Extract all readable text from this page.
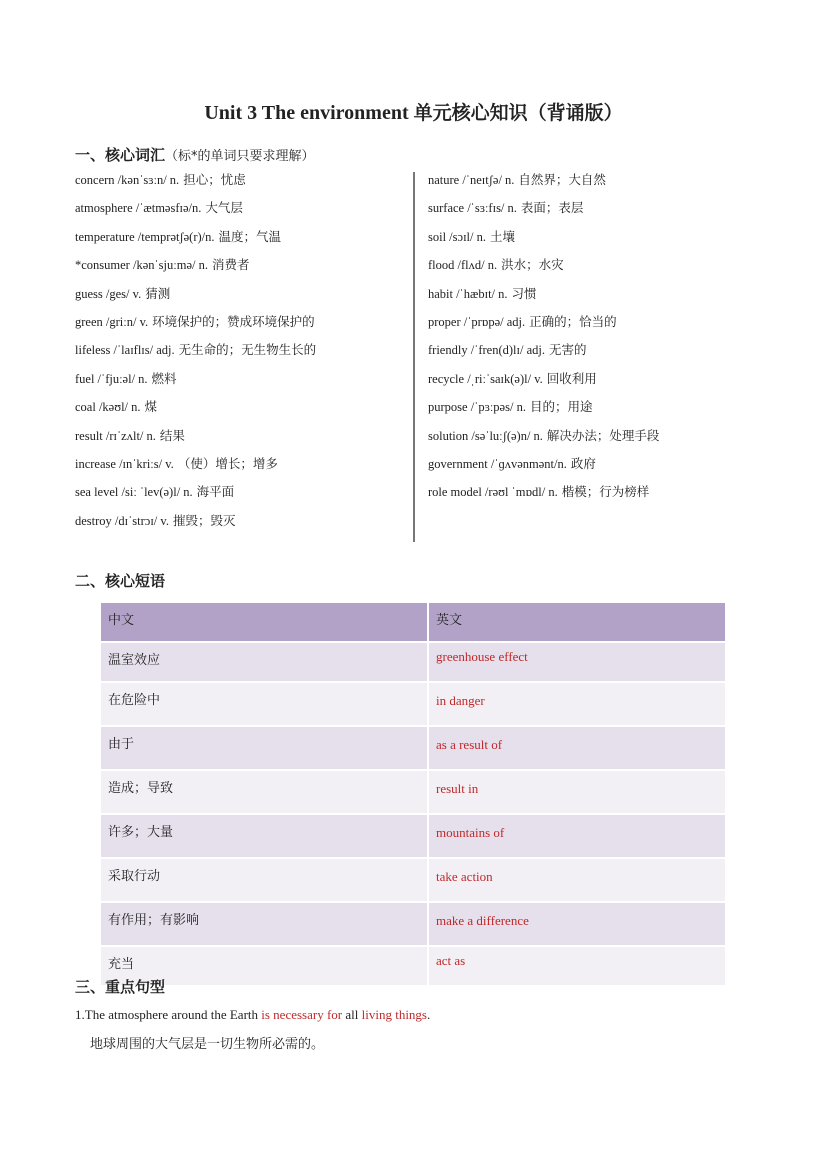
Unit 3 The environment 单元核心知识（背诵版）
一、核心词汇（标*的单词只要求理解）
concern /kənˈsɜːn/ n. 担心；忧虑
atmosphere /ˈætməsfɪə/n. 大气层
temperature /temprətʃə(r)/n. 温度；气温
*consumer /kənˈsjuːmə/ n. 消费者
guess /ges/ v. 猜测
green /griːn/ v. 环境保护的；赞成环境保护的
lifeless /ˈlaɪflɪs/ adj. 无生命的；无生物生长的
fuel /ˈfjuːəl/ n. 燃料
coal /kəʊl/ n. 煤
result /rɪˈzʌlt/ n. 结果
increase /ɪnˈkriːs/ v. （使）增长；增多
sea level /siː ˈlev(ə)l/ n. 海平面
destroy /dɪˈstrɔɪ/ v. 摧毁；毁灭
nature /ˈneɪtʃə/ n. 自然界；大自然
surface /ˈsɜːfɪs/ n. 表面；表层
soil /sɔɪl/ n. 土壤
flood /flʌd/ n. 洪水；水灾
habit /ˈhæbɪt/ n. 习惯
proper /ˈprɒpə/ adj. 正确的；恰当的
friendly /ˈfren(d)lɪ/ adj. 无害的
recycle /ˌriːˈsaɪk(ə)l/ v. 回收利用
purpose /ˈpɜːpəs/ n. 目的；用途
solution /səˈluːʃ(ə)n/ n. 解决办法；处理手段
government /ˈɡʌvənmənt/n. 政府
role model /rəʊl ˈmɒdl/ n. 楷模；行为榜样
二、核心短语
中文	英文
温室效应	greenhouse effect
在危险中	in danger
由于	as a result of
造成；导致	result in
许多；大量	mountains of
采取行动	take action
有作用；有影响	make a difference
充当	act as
三、重点句型
1.The atmosphere around the Earth is necessary for all living things.
地球周围的大气层是一切生物所必需的。
